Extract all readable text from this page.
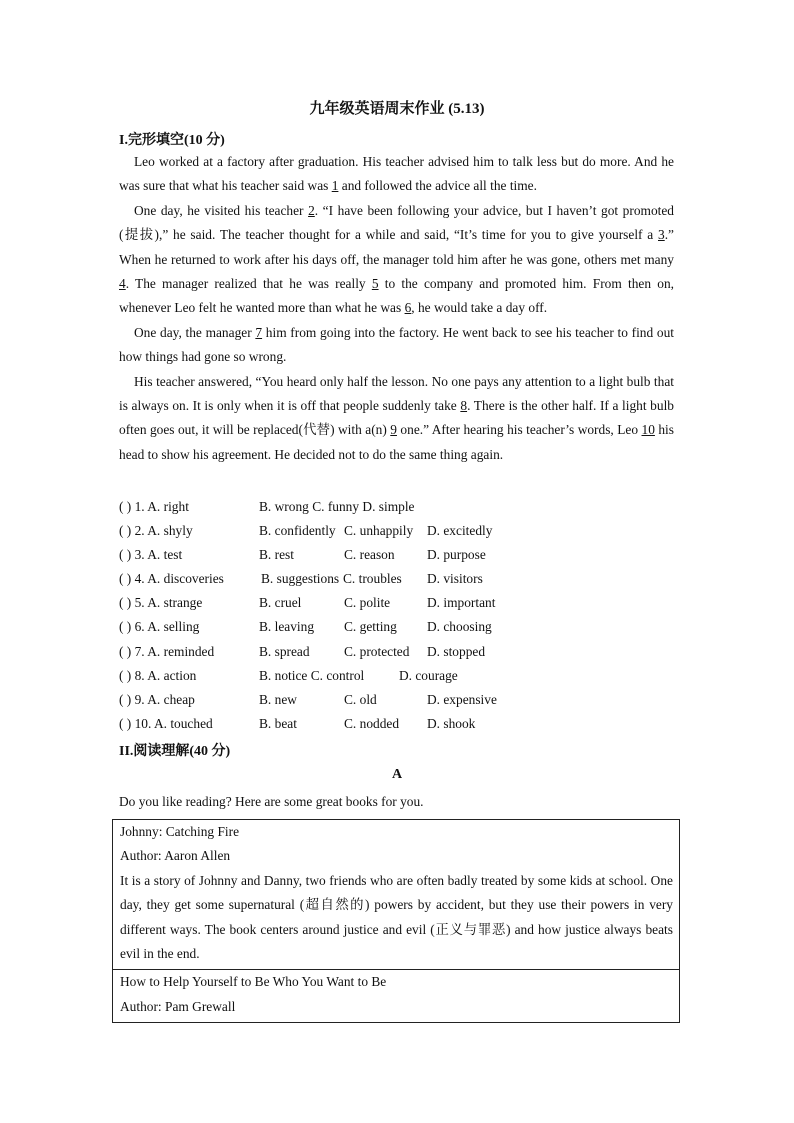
九年级英语周末作业 (5.13)
I.完形填空(10 分)

Leo worked at a factory after graduation. His teacher advised him to talk less but do more. And he was sure that what his teacher said was 1 and followed the advice all the time.

One day, he visited his teacher 2. “I have been following your advice, but I haven’t got promoted (提拔),” he said. The teacher thought for a while and said, “It’s time for you to give yourself a 3.” When he returned to work after his days off, the manager told him after he was gone, others met many 4. The manager realized that he was really 5 to the company and promoted him. From then on, whenever Leo felt he wanted more than what he was 6, he would take a day off.

One day, the manager 7 him from going into the factory. He went back to see his teacher to find out how things had gone so wrong.

His teacher answered, “You heard only half the lesson. No one pays any attention to a light bulb that is always on. It is only when it is off that people suddenly take 8. There is the other half. If a light bulb often goes out, it will be replaced(代替) with a(n) 9 one.” After hearing his teacher’s words, Leo 10 his head to show his agreement. He decided not to do the same thing again.

( ) 1. A. right	B. wrong C. funny D. simple
( ) 2. A. shyly	B. confidently C. unhappily D. excitedly
( ) 3. A. test	B. rest	C. reason D. purpose
( ) 4. A. discoveries	B. suggestions C. troubles D. visitors
( ) 5. A. strange	B. cruel	C. polite	D. important
( ) 6. A. selling	B. leaving C. getting D. choosing
( ) 7. A. reminded	B. spread	C. protected D. stopped
( ) 8. A. action	B. notice C. control	D. courage
( ) 9. A. cheap	B. new	C. old	D. expensive
( ) 10. A. touched	B. beat	C. nodded D. shook
II.阅读理解(40 分)
A
Do you like reading? Here are some great books for you.
Johnny: Catching Fire
Author: Aaron Allen
It is a story of Johnny and Danny, two friends who are often badly treated by some kids at school. One day, they get some supernatural (超自然的) powers by accident, but they use their powers in very different ways. The book centers around justice and evil (正义与罪恶) and how justice always beats evil in the end.
How to Help Yourself to Be Who You Want to Be
Author: Pam Grewall
